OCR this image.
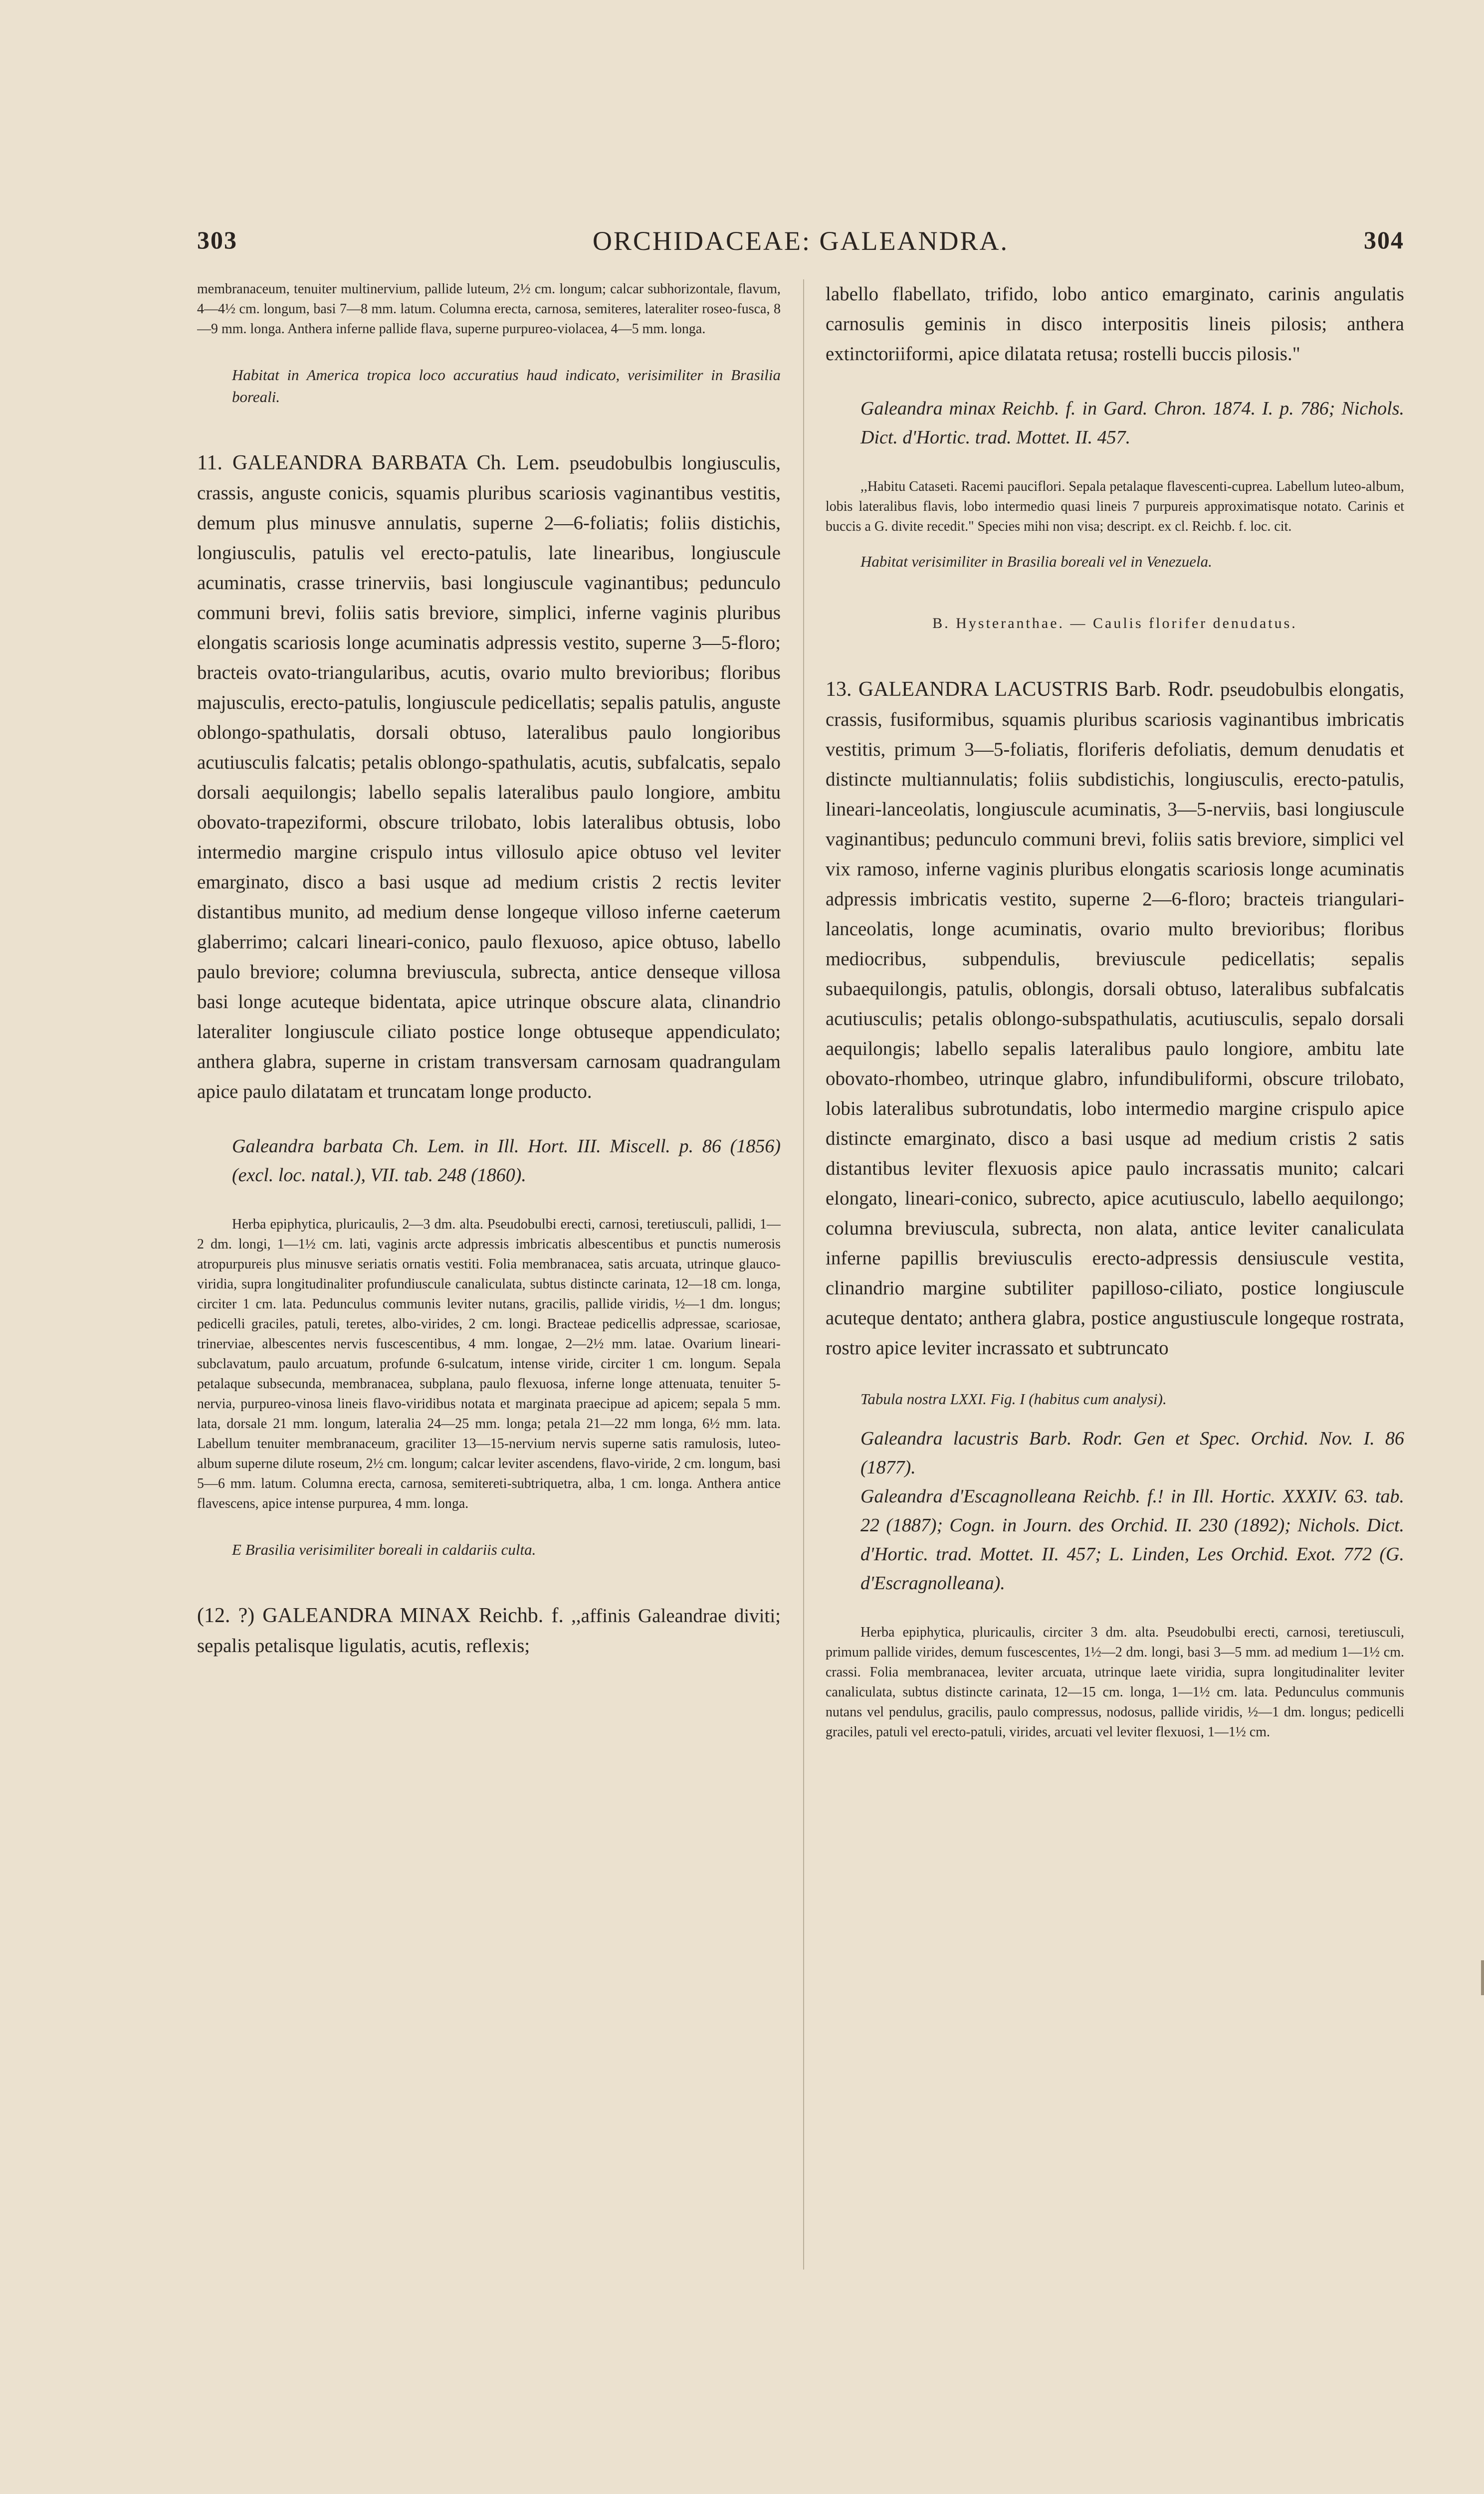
303	ORCHIDACEAE: GALEANDRA.	304

membranaceum, tenuiter multinervium, pallide luteum, 2½ cm. longum; calcar subhorizontale, flavum, 4—4½ cm. longum, basi 7—8 mm. latum. Columna erecta, carnosa, semiteres, lateraliter roseo-fusca, 8—9 mm. longa. Anthera inferne pallide flava, superne purpureo-violacea, 4—5 mm. longa.

Habitat in America tropica loco accuratius haud indicato, verisimiliter in Brasilia boreali.

11. GALEANDRA BARBATA Ch. Lem. pseudobulbis longiusculis, crassis, anguste conicis, squamis pluribus scariosis vaginantibus vestitis, demum plus minusve annulatis, superne 2—6-foliatis; foliis distichis, longiusculis, patulis vel erecto-patulis, late linearibus, longiuscule acuminatis, crasse trinerviis, basi longiuscule vaginantibus; pedunculo communi brevi, foliis satis breviore, simplici, inferne vaginis pluribus elongatis scariosis longe acuminatis adpressis vestito, superne 3—5-floro; bracteis ovato-triangularibus, acutis, ovario multo brevioribus; floribus majusculis, erecto-patulis, longiuscule pedicellatis; sepalis patulis, anguste oblongo-spathulatis, dorsali obtuso, lateralibus paulo longioribus acutiusculis falcatis; petalis oblongo-spathulatis, acutis, subfalcatis, sepalo dorsali aequilongis; labello sepalis lateralibus paulo longiore, ambitu obovato-trapeziformi, obscure trilobato, lobis lateralibus obtusis, lobo intermedio margine crispulo intus villosulo apice obtuso vel leviter emarginato, disco a basi usque ad medium cristis 2 rectis leviter distantibus munito, ad medium dense longeque villoso inferne caeterum glaberrimo; calcari lineari-conico, paulo flexuoso, apice obtuso, labello paulo breviore; columna breviuscula, subrecta, antice denseque villosa basi longe acuteque bidentata, apice utrinque obscure alata, clinandrio lateraliter longiuscule ciliato postice longe obtuseque appendiculato; anthera glabra, superne in cristam transversam carnosam quadrangulam apice paulo dilatatam et truncatam longe producto.

Galeandra barbata Ch. Lem. in Ill. Hort. III. Miscell. p. 86 (1856) (excl. loc. natal.), VII. tab. 248 (1860).

Herba epiphytica, pluricaulis, 2—3 dm. alta. Pseudobulbi erecti, carnosi, teretiusculi, pallidi, 1—2 dm. longi, 1—1½ cm. lati, vaginis arcte adpressis imbricatis albescentibus et punctis numerosis atropurpureis plus minusve seriatis ornatis vestiti. Folia membranacea, satis arcuata, utrinque glauco-viridia, supra longitudinaliter profundiuscule canaliculata, subtus distincte carinata, 12—18 cm. longa, circiter 1 cm. lata. Pedunculus communis leviter nutans, gracilis, pallide viridis, ½—1 dm. longus; pedicelli graciles, patuli, teretes, albo-virides, 2 cm. longi. Bracteae pedicellis adpressae, scariosae, trinerviae, albescentes nervis fuscescentibus, 4 mm. longae, 2—2½ mm. latae. Ovarium lineari-subclavatum, paulo arcuatum, profunde 6-sulcatum, intense viride, circiter 1 cm. longum. Sepala petalaque subsecunda, membranacea, subplana, paulo flexuosa, inferne longe attenuata, tenuiter 5-nervia, purpureo-vinosa lineis flavo-viridibus notata et marginata praecipue ad apicem; sepala 5 mm. lata, dorsale 21 mm. longum, lateralia 24—25 mm. longa; petala 21—22 mm longa, 6½ mm. lata. Labellum tenuiter membranaceum, graciliter 13—15-nervium nervis superne satis ramulosis, luteo-album superne dilute roseum, 2½ cm. longum; calcar leviter ascendens, flavo-viride, 2 cm. longum, basi 5—6 mm. latum. Columna erecta, carnosa, semitereti-subtriquetra, alba, 1 cm. longa. Anthera antice flavescens, apice intense purpurea, 4 mm. longa.

E Brasilia verisimiliter boreali in caldariis culta.

(12. ?) GALEANDRA MINAX Reichb. f. ,,affinis Galeandrae diviti; sepalis petalisque ligulatis, acutis, reflexis;

labello flabellato, trifido, lobo antico emarginato, carinis angulatis carnosulis geminis in disco interpositis lineis pilosis; anthera extinctoriiformi, apice dilatata retusa; rostelli buccis pilosis."

Galeandra minax Reichb. f. in Gard. Chron. 1874. I. p. 786; Nichols. Dict. d'Hortic. trad. Mottet. II. 457.

,,Habitu Cataseti. Racemi pauciflori. Sepala petalaque flavescenti-cuprea. Labellum luteo-album, lobis lateralibus flavis, lobo intermedio quasi lineis 7 purpureis approximatisque notato. Carinis et buccis a G. divite recedit." Species mihi non visa; descript. ex cl. Reichb. f. loc. cit.

Habitat verisimiliter in Brasilia boreali vel in Venezuela.

B. Hysteranthae. — Caulis florifer denudatus.

13. GALEANDRA LACUSTRIS Barb. Rodr. pseudobulbis elongatis, crassis, fusiformibus, squamis pluribus scariosis vaginantibus imbricatis vestitis, primum 3—5-foliatis, floriferis defoliatis, demum denudatis et distincte multiannulatis; foliis subdistichis, longiusculis, erecto-patulis, lineari-lanceolatis, longiuscule acuminatis, 3—5-nerviis, basi longiuscule vaginantibus; pedunculo communi brevi, foliis satis breviore, simplici vel vix ramoso, inferne vaginis pluribus elongatis scariosis longe acuminatis adpressis imbricatis vestito, superne 2—6-floro; bracteis triangulari-lanceolatis, longe acuminatis, ovario multo brevioribus; floribus mediocribus, subpendulis, breviuscule pedicellatis; sepalis subaequilongis, patulis, oblongis, dorsali obtuso, lateralibus subfalcatis acutiusculis; petalis oblongo-subspathulatis, acutiusculis, sepalo dorsali aequilongis; labello sepalis lateralibus paulo longiore, ambitu late obovato-rhombeo, utrinque glabro, infundibuliformi, obscure trilobato, lobis lateralibus subrotundatis, lobo intermedio margine crispulo apice distincte emarginato, disco a basi usque ad medium cristis 2 satis distantibus leviter flexuosis apice paulo incrassatis munito; calcari elongato, lineari-conico, subrecto, apice acutiusculo, labello aequilongo; columna breviuscula, subrecta, non alata, antice leviter canaliculata inferne papillis breviusculis erecto-adpressis densiuscule vestita, clinandrio margine subtiliter papilloso-ciliato, postice longiuscule acuteque dentato; anthera glabra, postice angustiuscule longeque rostrata, rostro apice leviter incrassato et subtruncato

Tabula nostra LXXI. Fig. I (habitus cum analysi).

Galeandra lacustris Barb. Rodr. Gen et Spec. Orchid. Nov. I. 86 (1877).

Galeandra d'Escagnolleana Reichb. f.! in Ill. Hortic. XXXIV. 63. tab. 22 (1887); Cogn. in Journ. des Orchid. II. 230 (1892); Nichols. Dict. d'Hortic. trad. Mottet. II. 457; L. Linden, Les Orchid. Exot. 772 (G. d'Escragnolleana).

Herba epiphytica, pluricaulis, circiter 3 dm. alta. Pseudobulbi erecti, carnosi, teretiusculi, primum pallide virides, demum fuscescentes, 1½—2 dm. longi, basi 3—5 mm. ad medium 1—1½ cm. crassi. Folia membranacea, leviter arcuata, utrinque laete viridia, supra longitudinaliter leviter canaliculata, subtus distincte carinata, 12—15 cm. longa, 1—1½ cm. lata. Pedunculus communis nutans vel pendulus, gracilis, paulo compressus, nodosus, pallide viridis, ½—1 dm. longus; pedicelli graciles, patuli vel erecto-patuli, virides, arcuati vel leviter flexuosi, 1—1½ cm.
